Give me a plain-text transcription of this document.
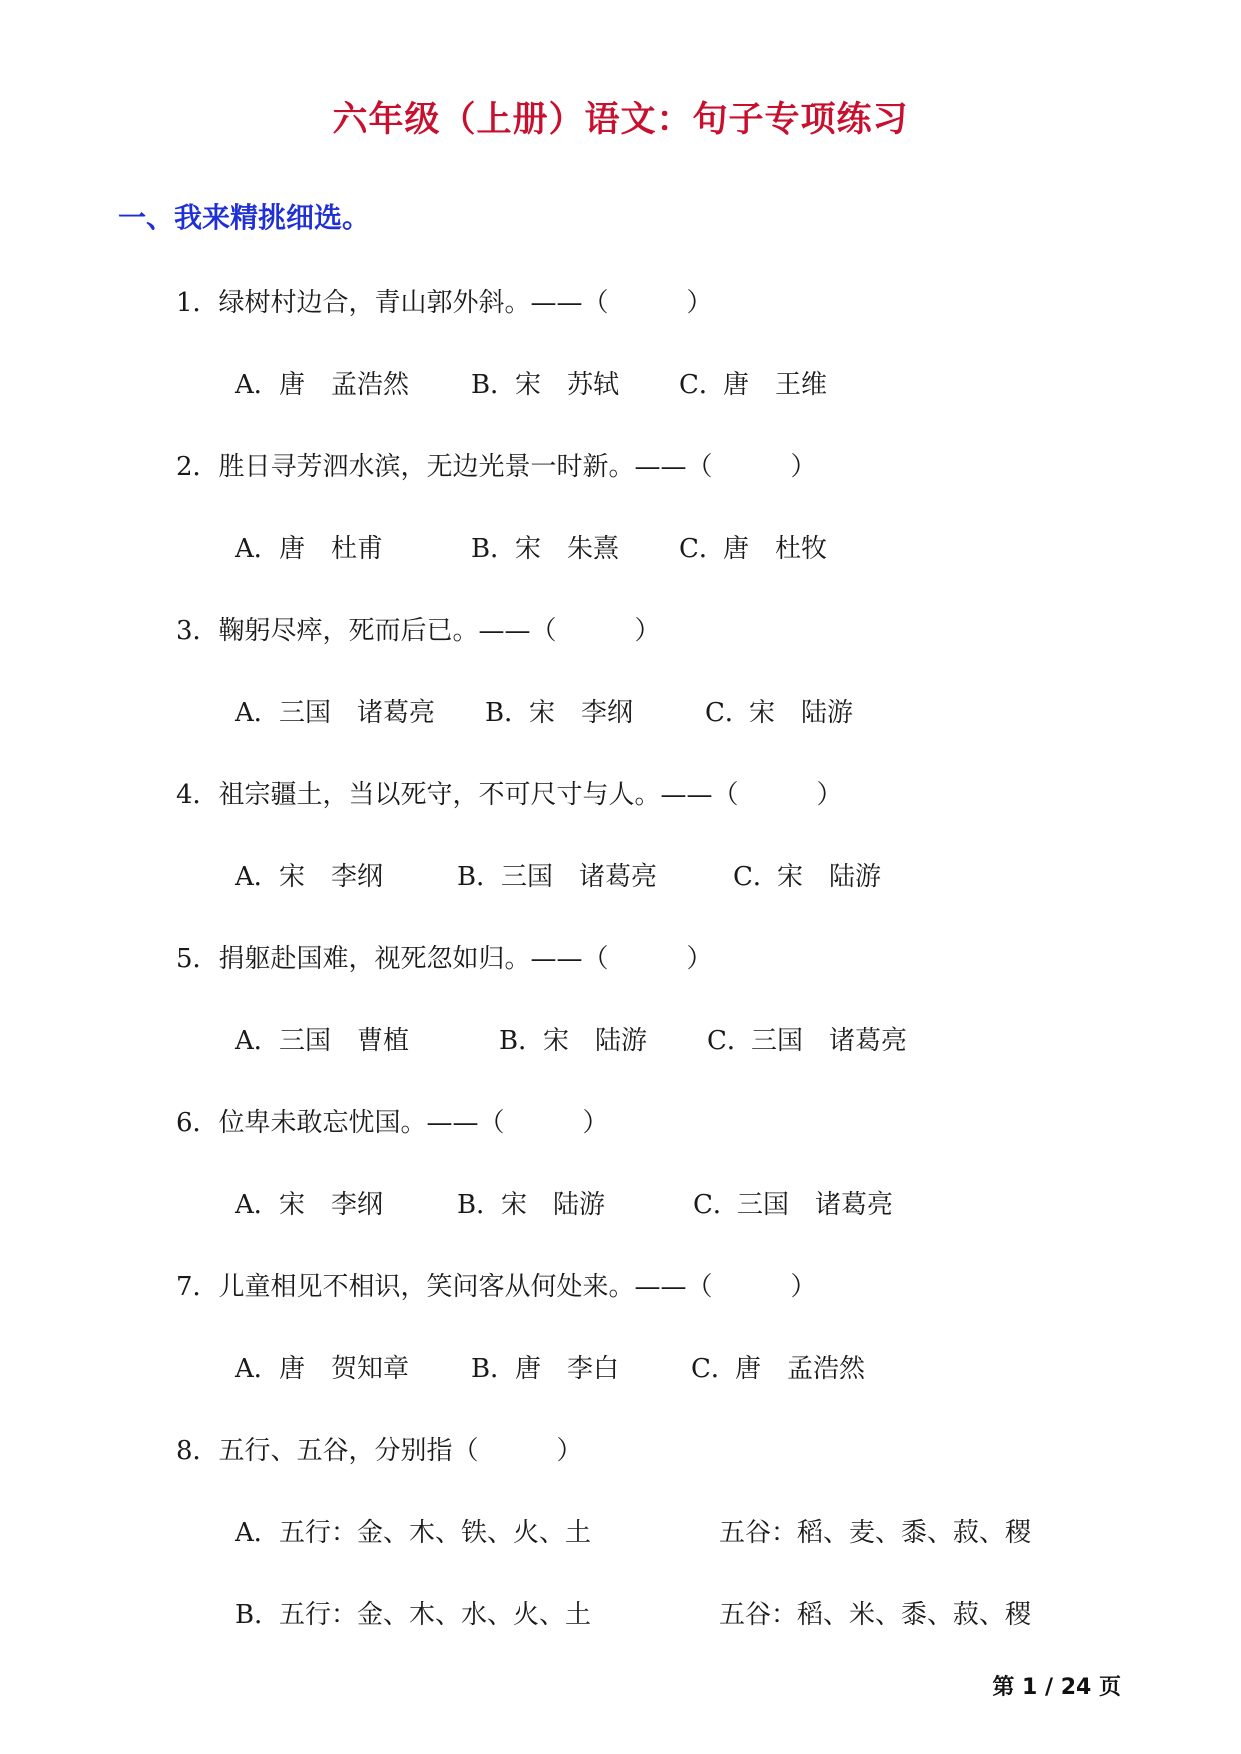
六年级（上册）语文：句子专项练习
一、我来精挑细选。
1．绿树村边合，青山郭外斜。——（　　　）
A．唐　孟浩然 B．宋　苏轼 C．唐　王维
2．胜日寻芳泗水滨，无边光景一时新。——（　　　）
A．唐　杜甫	B．宋　朱熹 C．唐　杜牧
3．鞠躬尽瘁，死而后已。——（　　　）
A．三国　诸葛亮 B．宋　李纲	C．宋　陆游
4．祖宗疆土，当以死守，不可尺寸与人。——（　　　）
A．宋　李纲	B．三国　诸葛亮	C．宋　陆游
5．捐躯赴国难，视死忽如归。——（　　　）
A．三国　曹植	B．宋　陆游 C．三国　诸葛亮
6．位卑未敢忘忧国。——（　　　）
A．宋　李纲	B．宋　陆游	C．三国　诸葛亮
7．儿童相见不相识，笑问客从何处来。——（　　　）
A．唐　贺知章 B．唐　李白	C．唐　孟浩然
8．五行、五谷，分别指（　　　）
A．五行：金、木、铁、火、土	五谷：稻、麦、黍、菽、稷
B．五行：金、木、水、火、土	五谷：稻、米、黍、菽、稷
第 1 / 24 页
